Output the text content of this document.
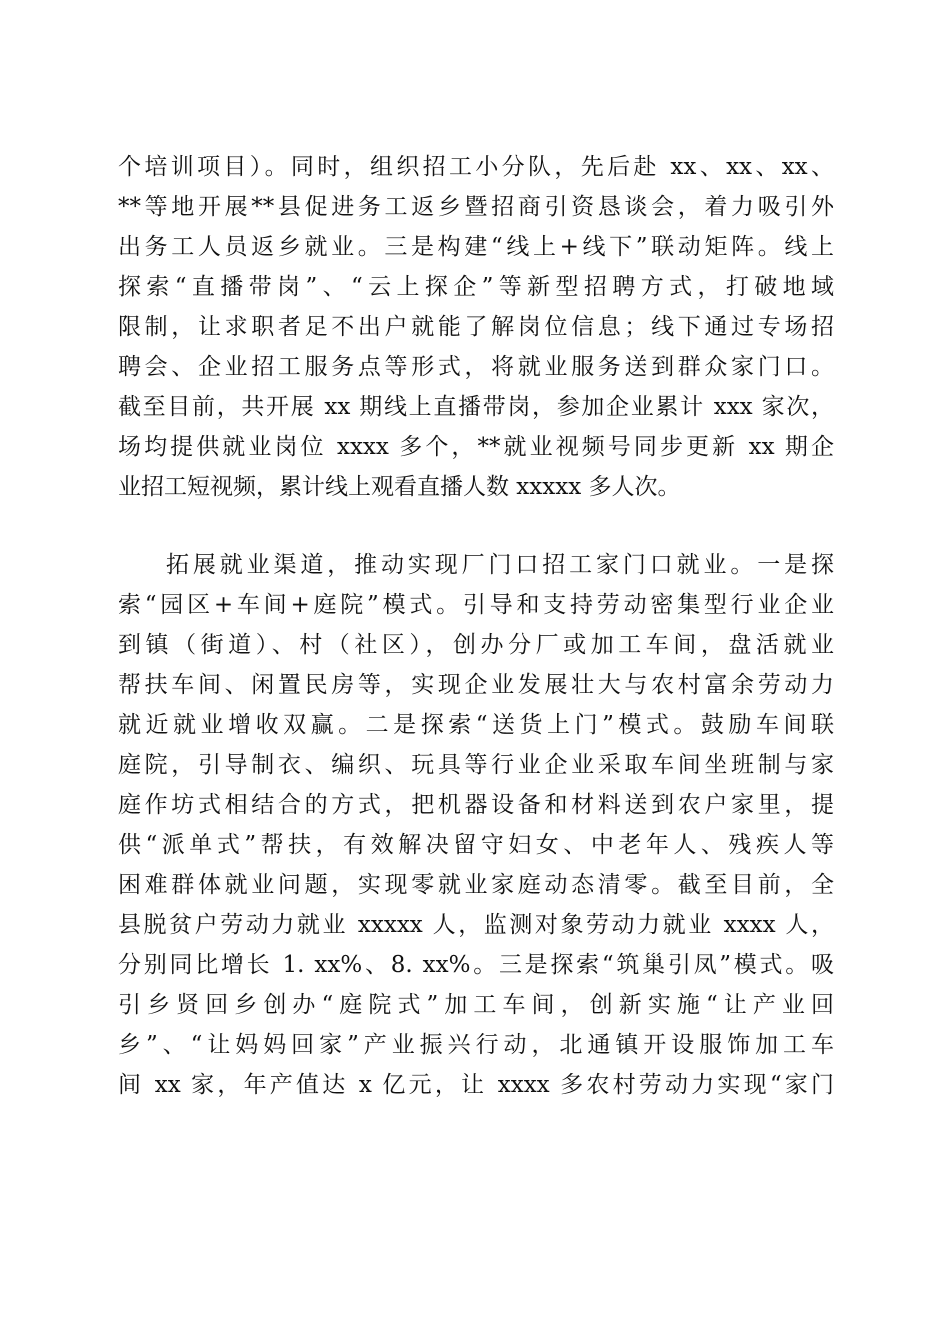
个培训项目）。同时，组织招工小分队，先后赴 xx、xx、xx、
**等地开展**县促进务工返乡暨招商引资恳谈会，着力吸引外
出务工人员返乡就业。三是构建“线上+线下”联动矩阵。线上
探索“直播带岗”、“云上探企”等新型招聘方式，打破地域
限制，让求职者足不出户就能了解岗位信息；线下通过专场招
聘会、企业招工服务点等形式，将就业服务送到群众家门口。
截至目前，共开展 xx 期线上直播带岗，参加企业累计 xxx 家次，
场均提供就业岗位 xxxx 多个，**就业视频号同步更新 xx 期企
业招工短视频，累计线上观看直播人数 xxxxx 多人次。
拓展就业渠道，推动实现厂门口招工家门口就业。一是探
索“园区+车间+庭院”模式。引导和支持劳动密集型行业企业
到镇（街道）、村（社区），创办分厂或加工车间，盘活就业
帮扶车间、闲置民房等，实现企业发展壮大与农村富余劳动力
就近就业增收双赢。二是探索“送货上门”模式。鼓励车间联
庭院，引导制衣、编织、玩具等行业企业采取车间坐班制与家
庭作坊式相结合的方式，把机器设备和材料送到农户家里，提
供“派单式”帮扶，有效解决留守妇女、中老年人、残疾人等
困难群体就业问题，实现零就业家庭动态清零。截至目前，全
县脱贫户劳动力就业 xxxxx 人，监测对象劳动力就业 xxxx 人，
分别同比增长 1. xx%、8. xx%。三是探索“筑巢引凤”模式。吸
引乡贤回乡创办“庭院式”加工车间，创新实施“让产业回
乡”、“让妈妈回家”产业振兴行动，北通镇开设服饰加工车
间 xx 家，年产值达 x 亿元，让 xxxx 多农村劳动力实现“家门
